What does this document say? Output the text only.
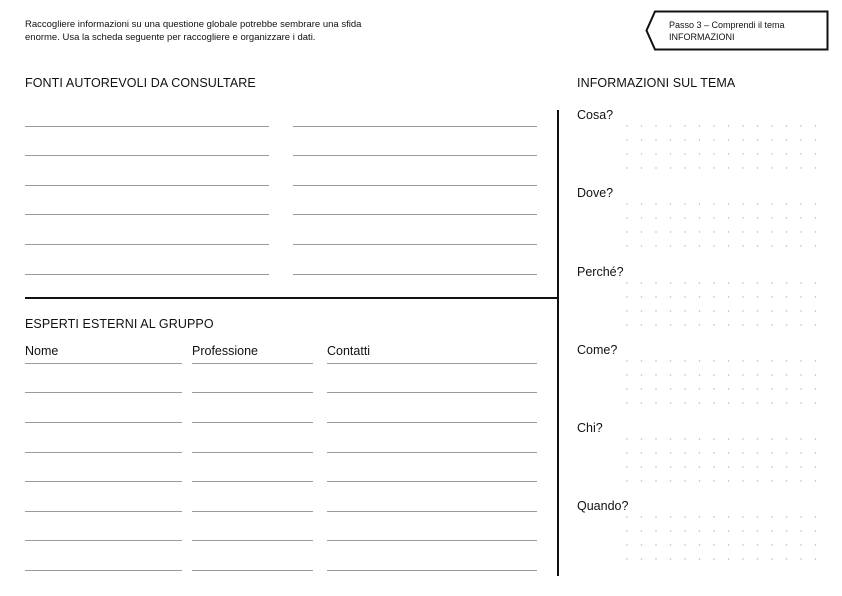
Raccogliere informazioni su una questione globale potrebbe sembrare una sfida
enorme. Usa la scheda seguente per raccogliere e organizzare i dati.
Passo 3 – Comprendi il tema
INFORMAZIONI
FONTI AUTOREVOLI DA CONSULTARE
ESPERTI ESTERNI AL GRUPPO
Nome	Professione	Contatti
INFORMAZIONI SUL TEMA
Cosa?
Dove?
Perché?
Come?
Chi?
Quando?
